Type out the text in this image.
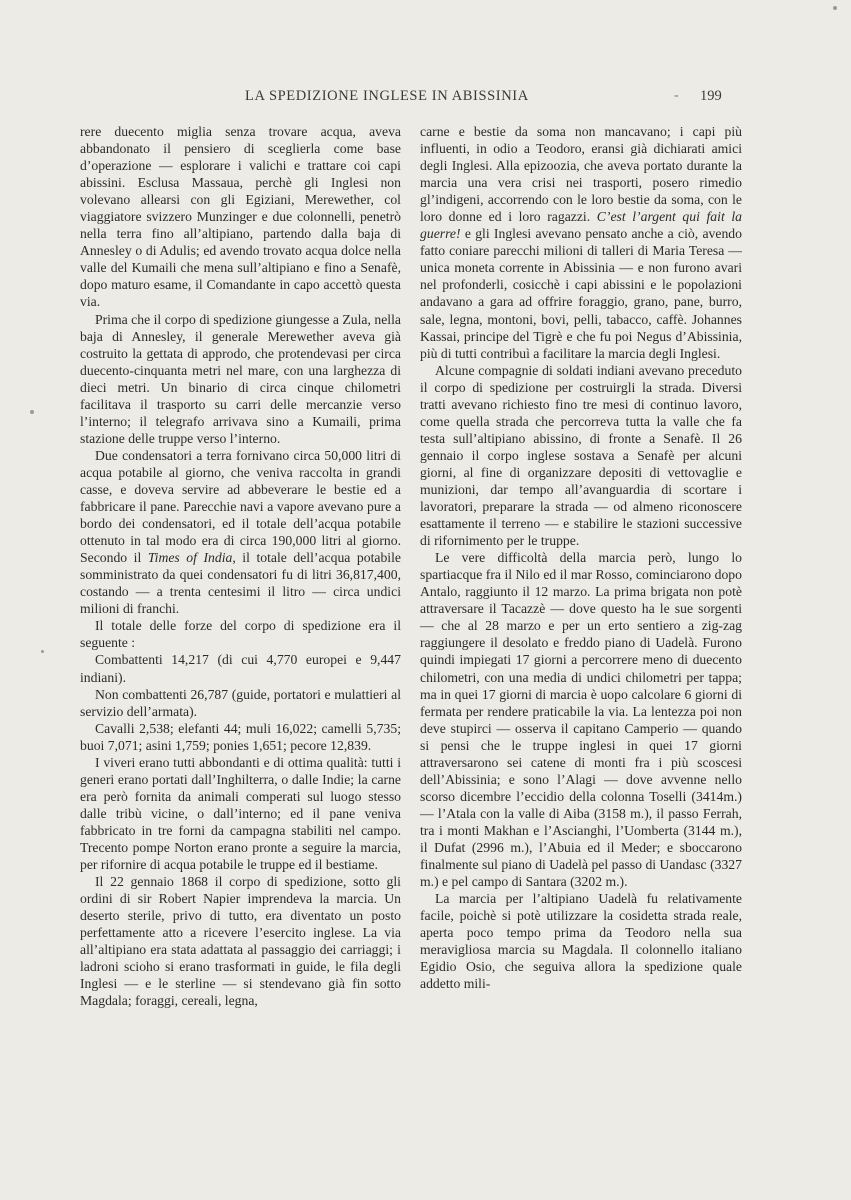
LA SPEDIZIONE INGLESE IN ABISSINIA	- 199

rere duecento miglia senza trovare acqua, aveva abbandonato il pensiero di sceglierla come base d’operazione — esplorare i valichi e trattare coi capi abissini. Esclusa Massaua, perchè gli Inglesi non volevano allearsi con gli Egiziani, Merewether, col viaggiatore svizzero Munzinger e due colonnelli, penetrò nella terra fino all’altipiano, partendo dalla baja di Annesley o di Adulis; ed avendo trovato acqua dolce nella valle del Kumaili che mena sull’altipiano e fino a Senafè, dopo maturo esame, il Comandante in capo accettò questa via.

Prima che il corpo di spedizione giungesse a Zula, nella baja di Annesley, il generale Merewether aveva già costruito la gettata di approdo, che protendevasi per circa duecento-cinquanta metri nel mare, con una larghezza di dieci metri. Un binario di circa cinque chilometri facilitava il trasporto su carri delle mercanzie verso l’interno; il telegrafo arrivava sino a Kumaili, prima stazione delle truppe verso l’interno.

Due condensatori a terra fornivano circa 50,000 litri di acqua potabile al giorno, che veniva raccolta in grandi casse, e doveva servire ad abbeverare le bestie ed a fabbricare il pane. Parecchie navi a vapore avevano pure a bordo dei condensatori, ed il totale dell’acqua potabile ottenuto in tal modo era di circa 190,000 litri al giorno. Secondo il Times of India, il totale dell’acqua potabile somministrato da quei condensatori fu di litri 36,817,400, costando — a trenta centesimi il litro — circa undici milioni di franchi.

Il totale delle forze del corpo di spedizione era il seguente :

Combattenti 14,217 (di cui 4,770 europei e 9,447 indiani).

Non combattenti 26,787 (guide, portatori e mulattieri al servizio dell’armata).

Cavalli 2,538; elefanti 44; muli 16,022; camelli 5,735; buoi 7,071; asini 1,759; ponies 1,651; pecore 12,839.

I viveri erano tutti abbondanti e di ottima qualità: tutti i generi erano portati dall’Inghilterra, o dalle Indie; la carne era però fornita da animali comperati sul luogo stesso dalle tribù vicine, o dall’interno; ed il pane veniva fabbricato in tre forni da campagna stabiliti nel campo. Trecento pompe Norton erano pronte a seguire la marcia, per rifornire di acqua potabile le truppe ed il bestiame.

Il 22 gennaio 1868 il corpo di spedizione, sotto gli ordini di sir Robert Napier imprendeva la marcia. Un deserto sterile, privo di tutto, era diventato un posto perfettamente atto a ricevere l’esercito inglese. La via all’altipiano era stata adattata al passaggio dei carriaggi; i ladroni scioho si erano trasformati in guide, le fila degli Inglesi — e le sterline — si stendevano già fin sotto Magdala; foraggi, cereali, legna,

carne e bestie da soma non mancavano; i capi più influenti, in odio a Teodoro, eransi già dichiarati amici degli Inglesi. Alla epizoozia, che aveva portato durante la marcia una vera crisi nei trasporti, posero rimedio gl’indigeni, accorrendo con le loro bestie da soma, con le loro donne ed i loro ragazzi. C’est l’argent qui fait la guerre! e gli Inglesi avevano pensato anche a ciò, avendo fatto coniare parecchi milioni di talleri di Maria Teresa — unica moneta corrente in Abissinia — e non furono avari nel profonderli, cosicchè i capi abissini e le popolazioni andavano a gara ad offrire foraggio, grano, pane, burro, sale, legna, montoni, bovi, pelli, tabacco, caffè. Johannes Kassai, principe del Tigrè e che fu poi Negus d’Abissinia, più di tutti contribuì a facilitare la marcia degli Inglesi.

Alcune compagnie di soldati indiani avevano preceduto il corpo di spedizione per costruirgli la strada. Diversi tratti avevano richiesto fino tre mesi di continuo lavoro, come quella strada che percorreva tutta la valle che fa testa sull’altipiano abissino, di fronte a Senafè. Il 26 gennaio il corpo inglese sostava a Senafè per alcuni giorni, al fine di organizzare depositi di vettovaglie e munizioni, dar tempo all’avanguardia di scortare i lavoratori, preparare la strada — od almeno riconoscere esattamente il terreno — e stabilire le stazioni successive di rifornimento per le truppe.

Le vere difficoltà della marcia però, lungo lo spartiacque fra il Nilo ed il mar Rosso, cominciarono dopo Antalo, raggiunto il 12 marzo. La prima brigata non potè attraversare il Tacazzè — dove questo ha le sue sorgenti — che al 28 marzo e per un erto sentiero a zig-zag raggiungere il desolato e freddo piano di Uadelà. Furono quindi impiegati 17 giorni a percorrere meno di duecento chilometri, con una media di undici chilometri per tappa; ma in quei 17 giorni di marcia è uopo calcolare 6 giorni di fermata per rendere praticabile la via. La lentezza poi non deve stupirci — osserva il capitano Camperio — quando si pensi che le truppe inglesi in quei 17 giorni attraversarono sei catene di monti fra i più scoscesi dell’Abissinia; e sono l’Alagi — dove avvenne nello scorso dicembre l’eccidio della colonna Toselli (3414m.) — l’Atala con la valle di Aiba (3158 m.), il passo Ferrah, tra i monti Makhan e l’Ascianghi, l’Uomberta (3144 m.), il Dufat (2996 m.), l’Abuia ed il Meder; e sboccarono finalmente sul piano di Uadelà pel passo di Uandasc (3327 m.) e pel campo di Santara (3202 m.).

La marcia per l’altipiano Uadelà fu relativamente facile, poichè si potè utilizzare la cosidetta strada reale, aperta poco tempo prima da Teodoro nella sua meravigliosa marcia su Magdala. Il colonnello italiano Egidio Osio, che seguiva allora la spedizione quale addetto mili-
